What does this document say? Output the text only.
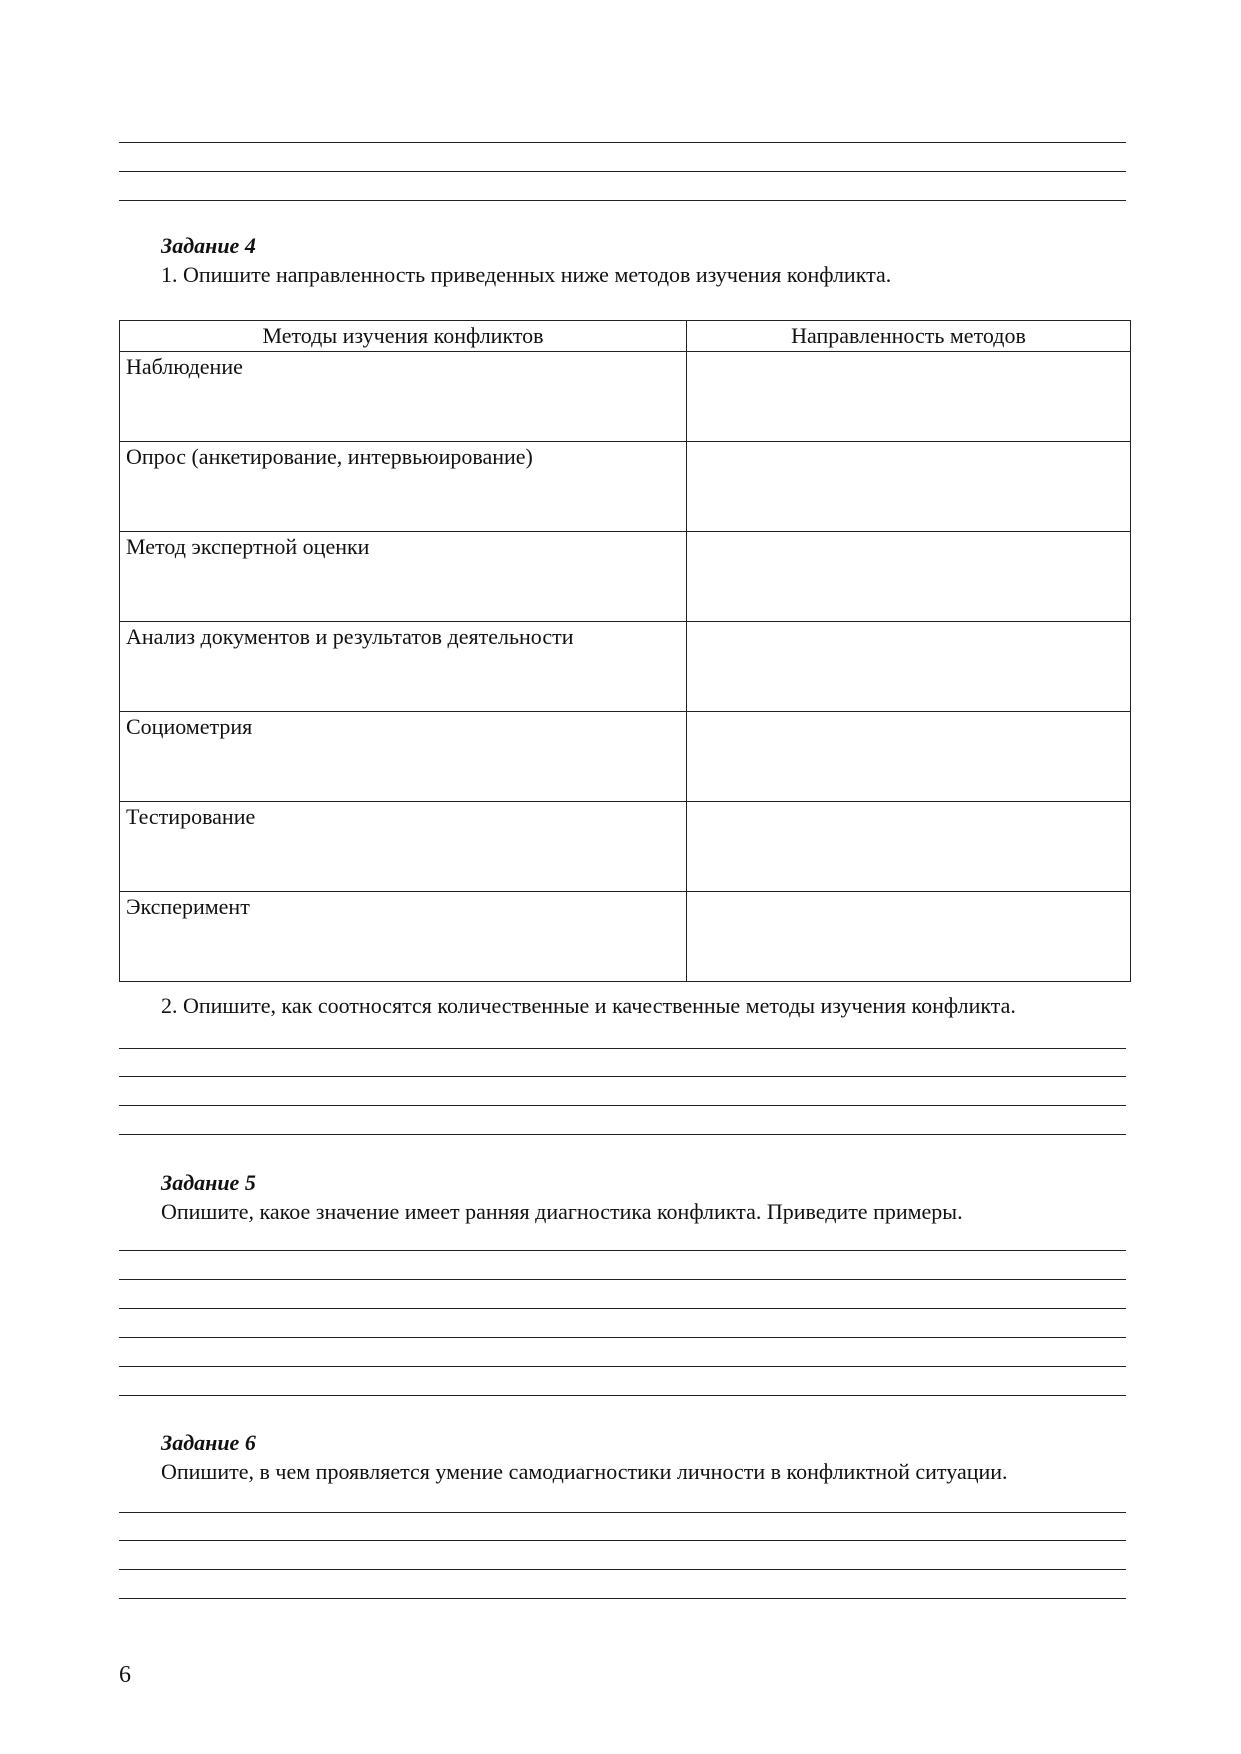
Задание 4
1. Опишите направленность приведенных ниже методов изучения конфликта.
Методы изучения конфликтов	Направленность методов
Наблюдение	
Опрос (анкетирование, интервьюирование)	
Метод экспертной оценки	
Анализ документов и результатов деятельности	
Социометрия	
Тестирование	
Эксперимент	
2. Опишите, как соотносятся количественные и качественные методы изучения конфликта.
Задание 5
Опишите, какое значение имеет ранняя диагностика конфликта. Приведите примеры.
Задание 6
Опишите, в чем проявляется умение самодиагностики личности в конфликтной ситуации.
6
